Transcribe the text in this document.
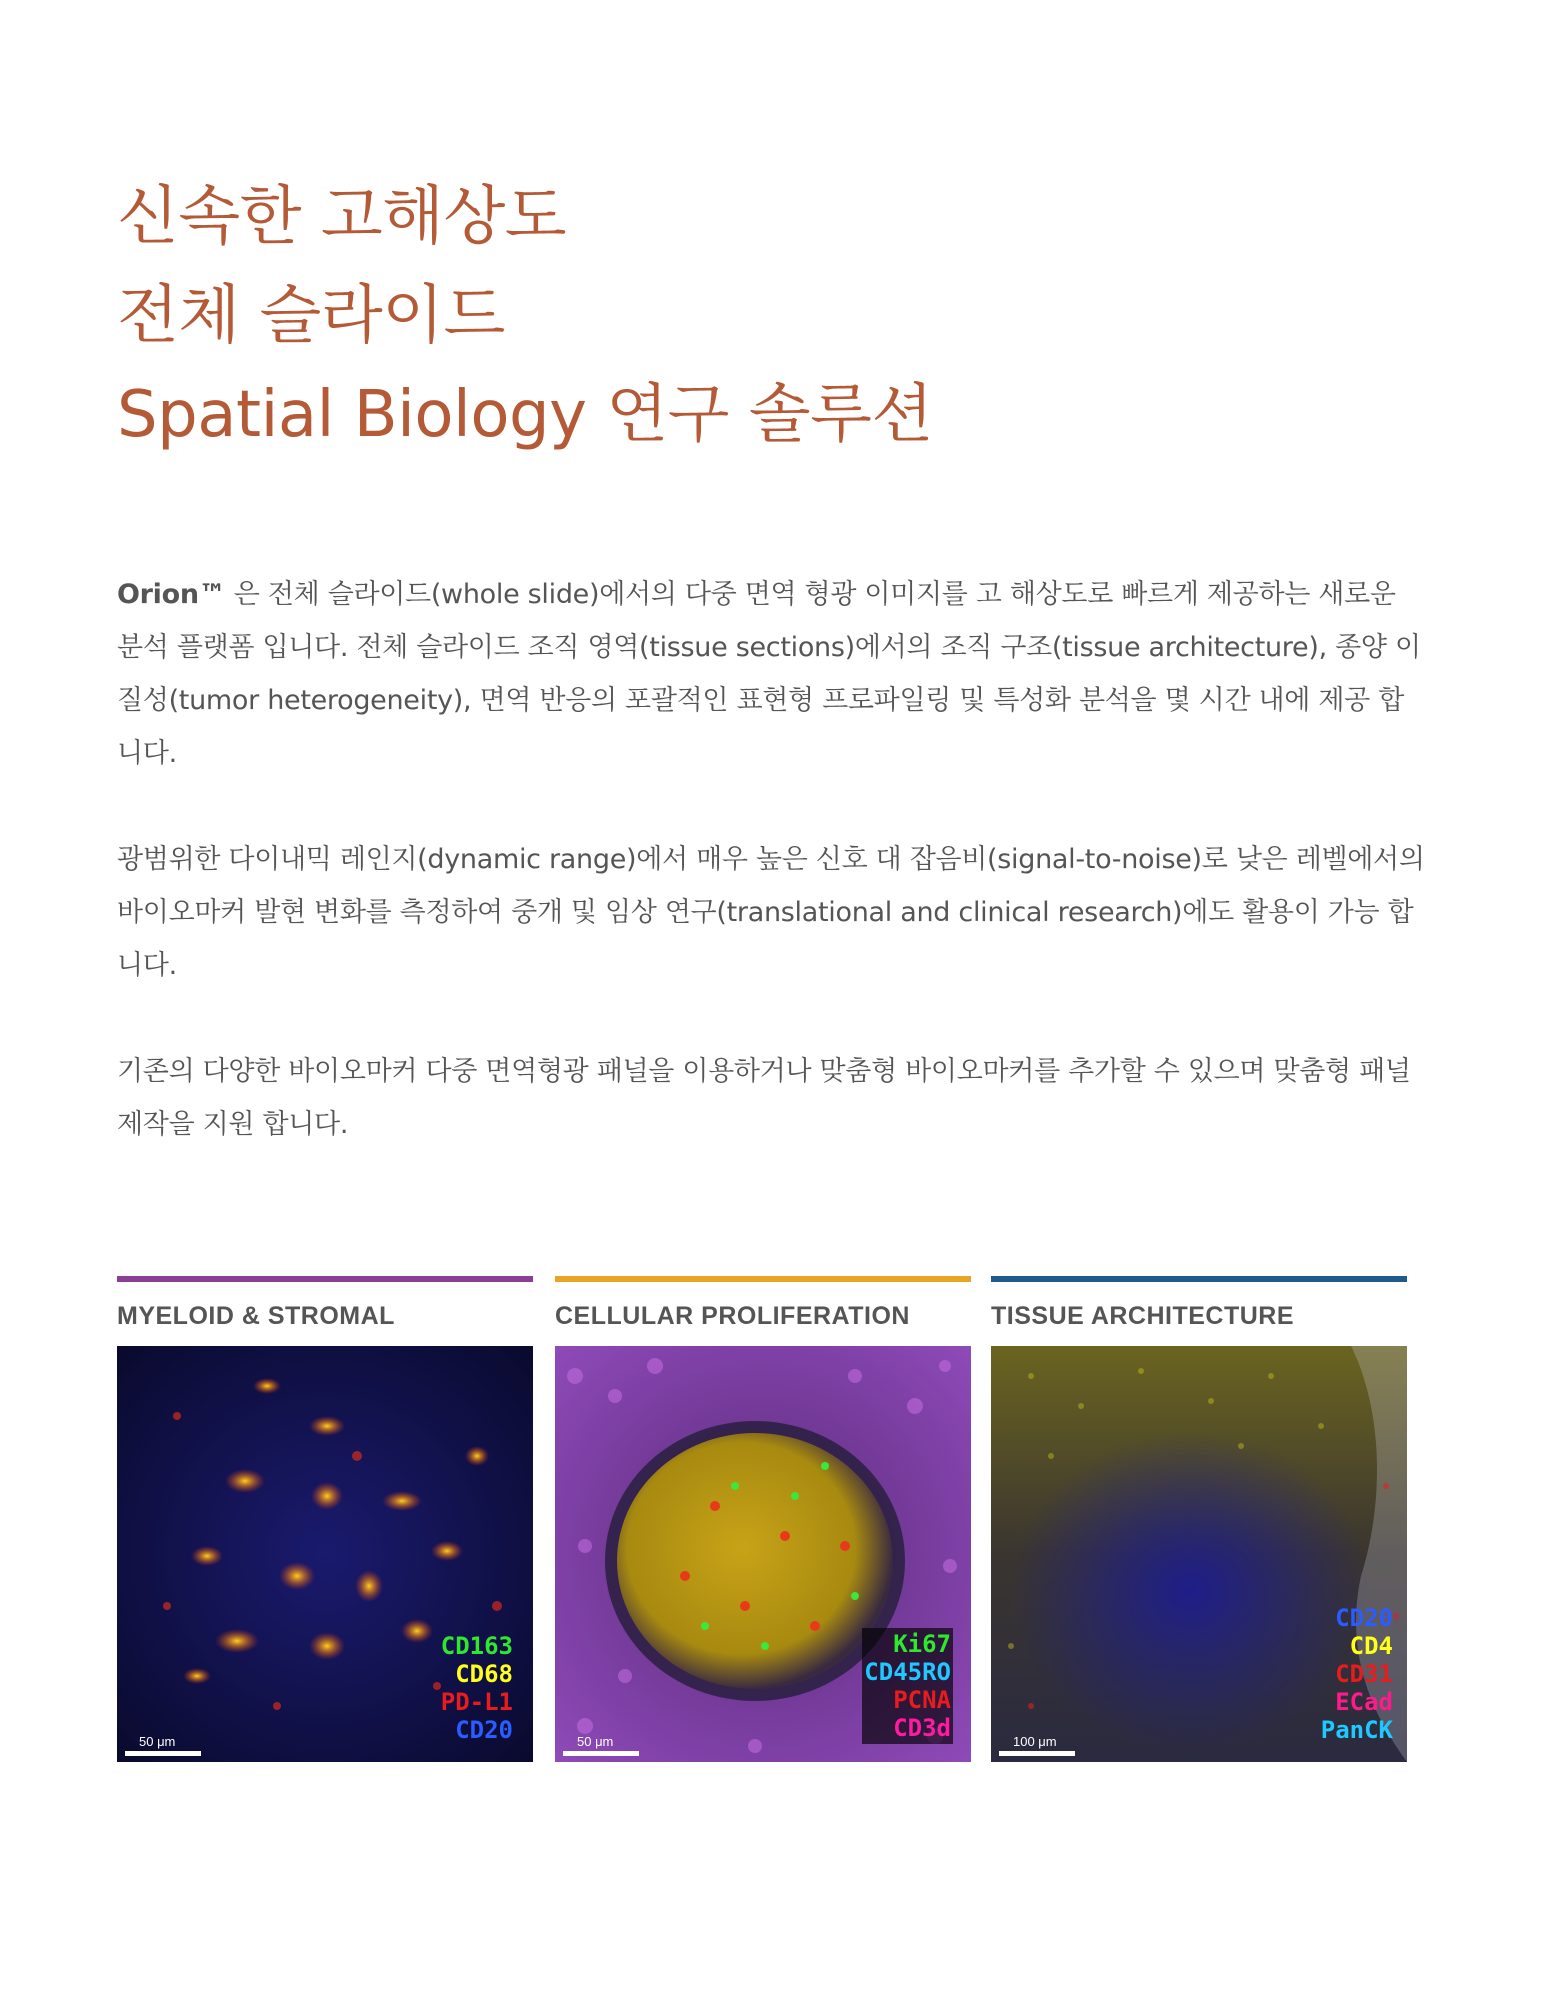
신속한 고해상도
전체 슬라이드
Spatial Biology 연구 솔루션

Orion™ 은 전체 슬라이드(whole slide)에서의 다중 면역 형광 이미지를 고 해상도로 빠르게 제공하는 새로운 분석 플랫폼 입니다. 전체 슬라이드 조직 영역(tissue sections)에서의 조직 구조(tissue architecture), 종양 이질성(tumor heterogeneity), 면역 반응의 포괄적인 표현형 프로파일링 및 특성화 분석을 몇 시간 내에 제공 합니다.

광범위한 다이내믹 레인지(dynamic range)에서 매우 높은 신호 대 잡음비(signal-to-noise)로 낮은 레벨에서의 바이오마커 발현 변화를 측정하여 중개 및 임상 연구(translational and clinical research)에도 활용이 가능 합니다.

기존의 다양한 바이오마커 다중 면역형광 패널을 이용하거나 맞춤형 바이오마커를 추가할 수 있으며 맞춤형 패널 제작을 지원 합니다.

MYELOID & STROMAL
CD163
CD68
PD-L1
CD20
50 μm
CELLULAR PROLIFERATION
Ki67
CD45RO
PCNA
CD3d
50 μm
TISSUE ARCHITECTURE
CD20
CD4
CD31
ECad
PanCK
100 μm
